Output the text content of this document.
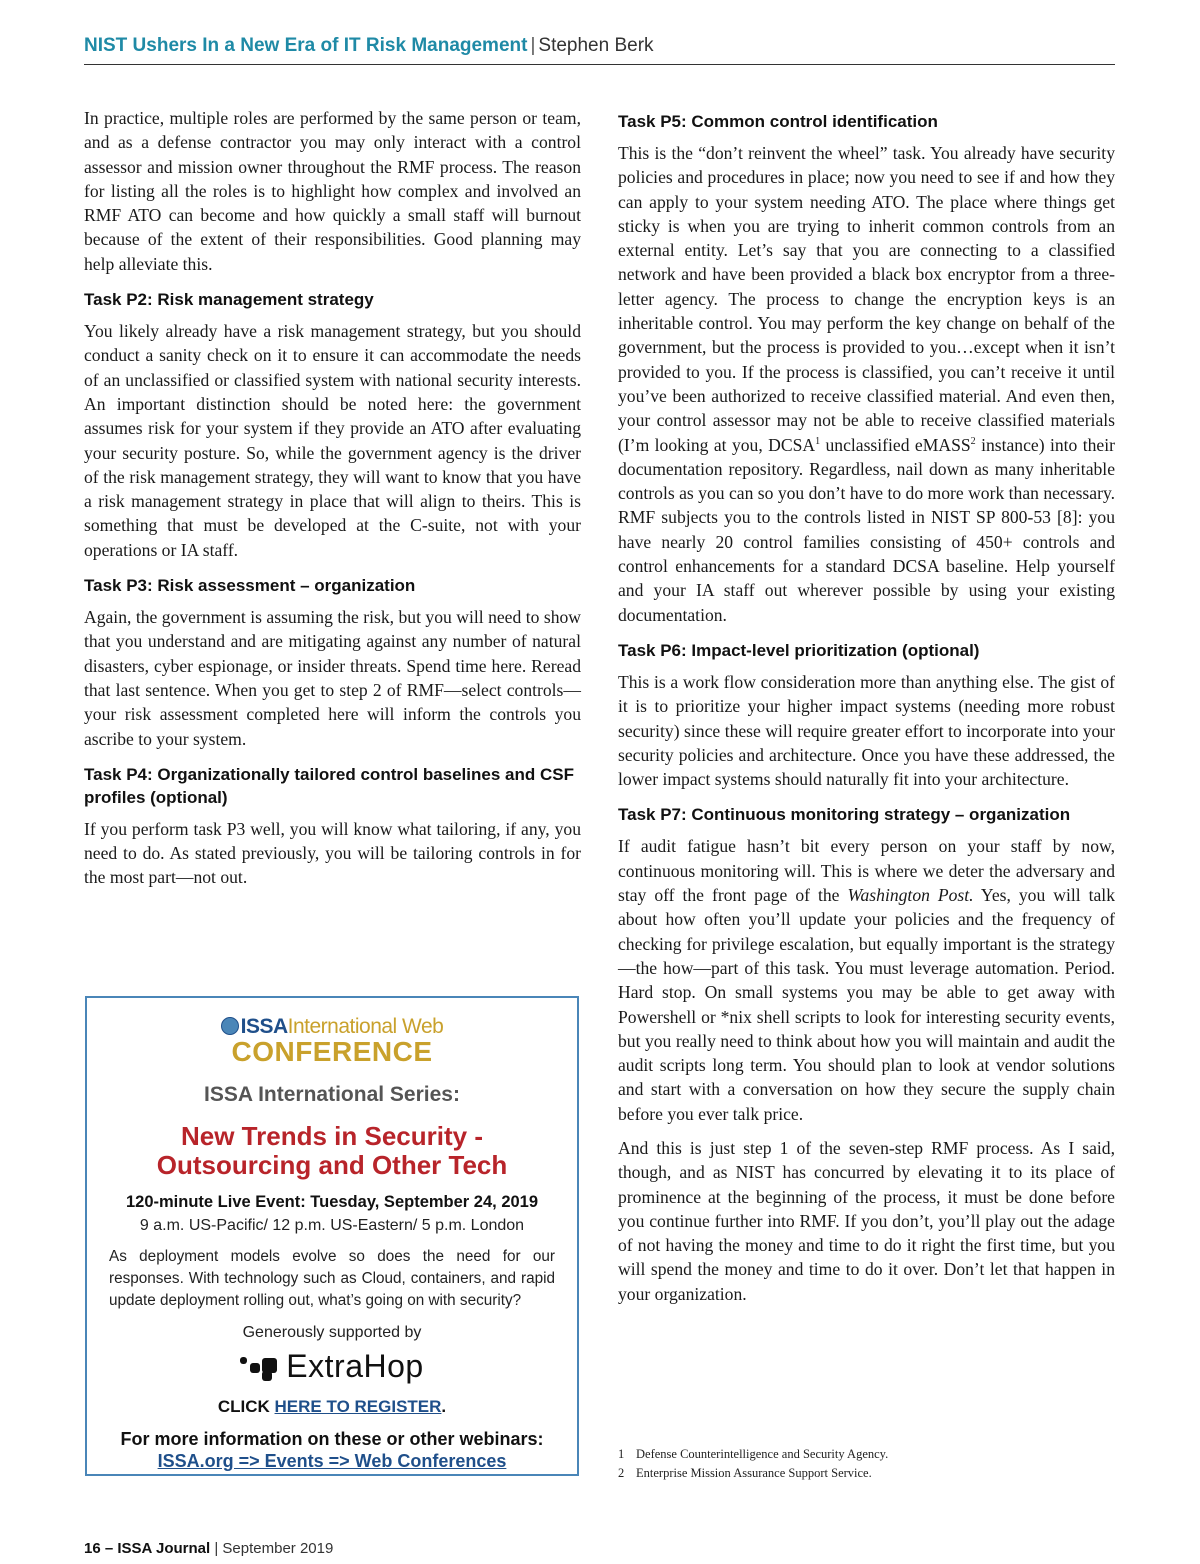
NIST Ushers In a New Era of IT Risk Management | Stephen Berk

In practice, multiple roles are performed by the same person or team, and as a defense contractor you may only interact with a control assessor and mission owner throughout the RMF process. The reason for listing all the roles is to highlight how complex and involved an RMF ATO can become and how quickly a small staff will burnout because of the extent of their responsibilities. Good planning may help alleviate this.

Task P2: Risk management strategy

You likely already have a risk management strategy, but you should conduct a sanity check on it to ensure it can accommodate the needs of an unclassified or classified system with national security interests. An important distinction should be noted here: the government assumes risk for your system if they provide an ATO after evaluating your security posture. So, while the government agency is the driver of the risk management strategy, they will want to know that you have a risk management strategy in place that will align to theirs. This is something that must be developed at the C-suite, not with your operations or IA staff.

Task P3: Risk assessment – organization

Again, the government is assuming the risk, but you will need to show that you understand and are mitigating against any number of natural disasters, cyber espionage, or insider threats. Spend time here. Reread that last sentence. When you get to step 2 of RMF—select controls—your risk assessment completed here will inform the controls you ascribe to your system.

Task P4: Organizationally tailored control baselines and CSF profiles (optional)

If you perform task P3 well, you will know what tailoring, if any, you need to do. As stated previously, you will be tailoring controls in for the most part—not out.

ISSAInternational Web
CONFERENCE
ISSA International Series:
New Trends in Security - Outsourcing and Other Tech
120-minute Live Event: Tuesday, September 24, 2019
9 a.m. US-Pacific/ 12 p.m. US-Eastern/ 5 p.m. London
As deployment models evolve so does the need for our responses. With technology such as Cloud, containers, and rapid update deployment rolling out, what’s going on with security?
Generously supported by
ExtraHop
CLICK HERE TO REGISTER.
For more information on these or other webinars:
ISSA.org => Events => Web Conferences
Task P5: Common control identification

This is the “don’t reinvent the wheel” task. You already have security policies and procedures in place; now you need to see if and how they can apply to your system needing ATO. The place where things get sticky is when you are trying to inherit common controls from an external entity. Let’s say that you are connecting to a classified network and have been provided a black box encryptor from a three-letter agency. The process to change the encryption keys is an inheritable control. You may perform the key change on behalf of the government, but the process is provided to you…except when it isn’t provided to you. If the process is classified, you can’t receive it until you’ve been authorized to receive classified material. And even then, your control assessor may not be able to receive classified materials (I’m looking at you, DCSA$^1$ unclassified eMASS$^2$ instance) into their documentation repository. Regardless, nail down as many inheritable controls as you can so you don’t have to do more work than necessary. RMF subjects you to the controls listed in NIST SP 800-53 [8]: you have nearly 20 control families consisting of 450+ controls and control enhancements for a standard DCSA baseline. Help yourself and your IA staff out wherever possible by using your existing documentation.

Task P6: Impact-level prioritization (optional)

This is a work flow consideration more than anything else. The gist of it is to prioritize your higher impact systems (needing more robust security) since these will require greater effort to incorporate into your security policies and architecture. Once you have these addressed, the lower impact systems should naturally fit into your architecture.

Task P7: Continuous monitoring strategy – organization

If audit fatigue hasn’t bit every person on your staff by now, continuous monitoring will. This is where we deter the adversary and stay off the front page of the Washington Post. Yes, you will talk about how often you’ll update your policies and the frequency of checking for privilege escalation, but equally important is the strategy—the how—part of this task. You must leverage automation. Period. Hard stop. On small systems you may be able to get away with Powershell or *nix shell scripts to look for interesting security events, but you really need to think about how you will maintain and audit the audit scripts long term. You should plan to look at vendor solutions and start with a conversation on how they secure the supply chain before you ever talk price.

And this is just step 1 of the seven-step RMF process. As I said, though, and as NIST has concurred by elevating it to its place of prominence at the beginning of the process, it must be done before you continue further into RMF. If you don’t, you’ll play out the adage of not having the money and time to do it right the first time, but you will spend the money and time to do it over. Don’t let that happen in your organization.

1 Defense Counterintelligence and Security Agency.
2 Enterprise Mission Assurance Support Service.
16 – ISSA Journal | September 2019
